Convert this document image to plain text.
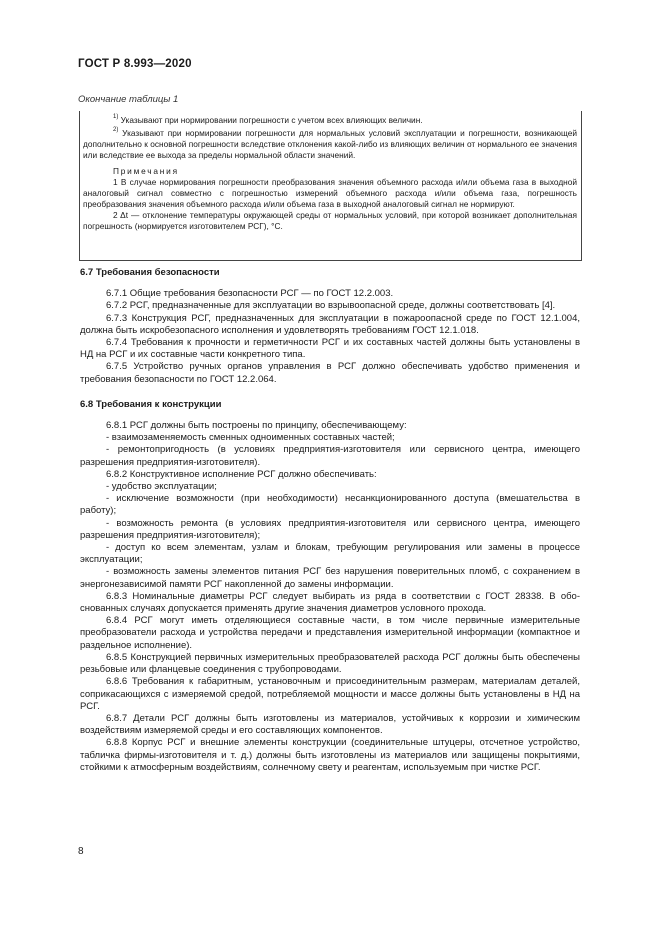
ГОСТ Р 8.993—2020
Окончание таблицы 1

$^{1)}$ Указывают при нормировании погрешности с учетом всех влияющих величин.

$^{2)}$ Указывают при нормировании погрешности для нормальных условий эксплуатации и погрешности, возникающей дополнительно к основной погрешности вследствие отклонения какой-либо из влияющих величин от нормального ее значения или вследствие ее выхода за пределы нормальной области значений.

Примечания

1 В случае нормирования погрешности преобразования значения объемного расхода и/или объема газа в выходной аналоговый сигнал совместно с погрешностью измерений объемного расхода и/или объема газа, погрешность преобразования значения объемного расхода и/или объема газа в выходной аналоговый сигнал не нормируют.

2 Δt — отклонение температуры окружающей среды от нормальных условий, при которой возникает дополнительная погрешность (нормируется изготовителем РСГ), °С.

6.7 Требования безопасности

6.7.1 Общие требования безопасности РСГ — по ГОСТ 12.2.003.

6.7.2 РСГ, предназначенные для эксплуатации во взрывоопасной среде, должны соответствовать [4].

6.7.3 Конструкция РСГ, предназначенных для эксплуатации в пожароопасной среде по ГОСТ 12.1.004, должна быть искробезопасного исполнения и удовлетворять требованиям ГОСТ 12.1.018.

6.7.4 Требования к прочности и герметичности РСГ и их составных частей должны быть установлены в НД на РСГ и их составные части конкретного типа.

6.7.5 Устройство ручных органов управления в РСГ должно обеспечивать удобство применения и требования безопасности по ГОСТ 12.2.064.

6.8 Требования к конструкции

6.8.1 РСГ должны быть построены по принципу, обеспечивающему:

- взаимозаменяемость сменных одноименных составных частей;

- ремонтопригодность (в условиях предприятия-изготовителя или сервисного центра, имеющего разрешения предприятия-изготовителя).

6.8.2 Конструктивное исполнение РСГ должно обеспечивать:

- удобство эксплуатации;

- исключение возможности (при необходимости) несанкционированного доступа (вмешательства в работу);

- возможность ремонта (в условиях предприятия-изготовителя или сервисного центра, имеющего разрешения предприятия-изготовителя);

- доступ ко всем элементам, узлам и блокам, требующим регулирования или замены в процессе эксплуатации;

- возможность замены элементов питания РСГ без нарушения поверительных пломб, с сохранением в энергонезависимой памяти РСГ накопленной до замены информации.

6.8.3 Номинальные диаметры РСГ следует выбирать из ряда в соответствии с ГОСТ 28338. В обоснованных случаях допускается применять другие значения диаметров условного прохода.

6.8.4 РСГ могут иметь отделяющиеся составные части, в том числе первичные измерительные преобразователи расхода и устройства передачи и представления измерительной информации (компактное и раздельное исполнение).

6.8.5 Конструкцией первичных измерительных преобразователей расхода РСГ должны быть обеспечены резьбовые или фланцевые соединения с трубопроводами.

6.8.6 Требования к габаритным, установочным и присоединительным размерам, материалам деталей, соприкасающихся с измеряемой средой, потребляемой мощности и массе должны быть установлены в НД на РСГ.

6.8.7 Детали РСГ должны быть изготовлены из материалов, устойчивых к коррозии и химическим воздействиям измеряемой среды и его составляющих компонентов.

6.8.8 Корпус РСГ и внешние элементы конструкции (соединительные штуцеры, отсчетное устройство, табличка фирмы-изготовителя и т. д.) должны быть изготовлены из материалов или защищены покрытиями, стойкими к атмосферным воздействиям, солнечному свету и реагентам, используемым при чистке РСГ.

8
